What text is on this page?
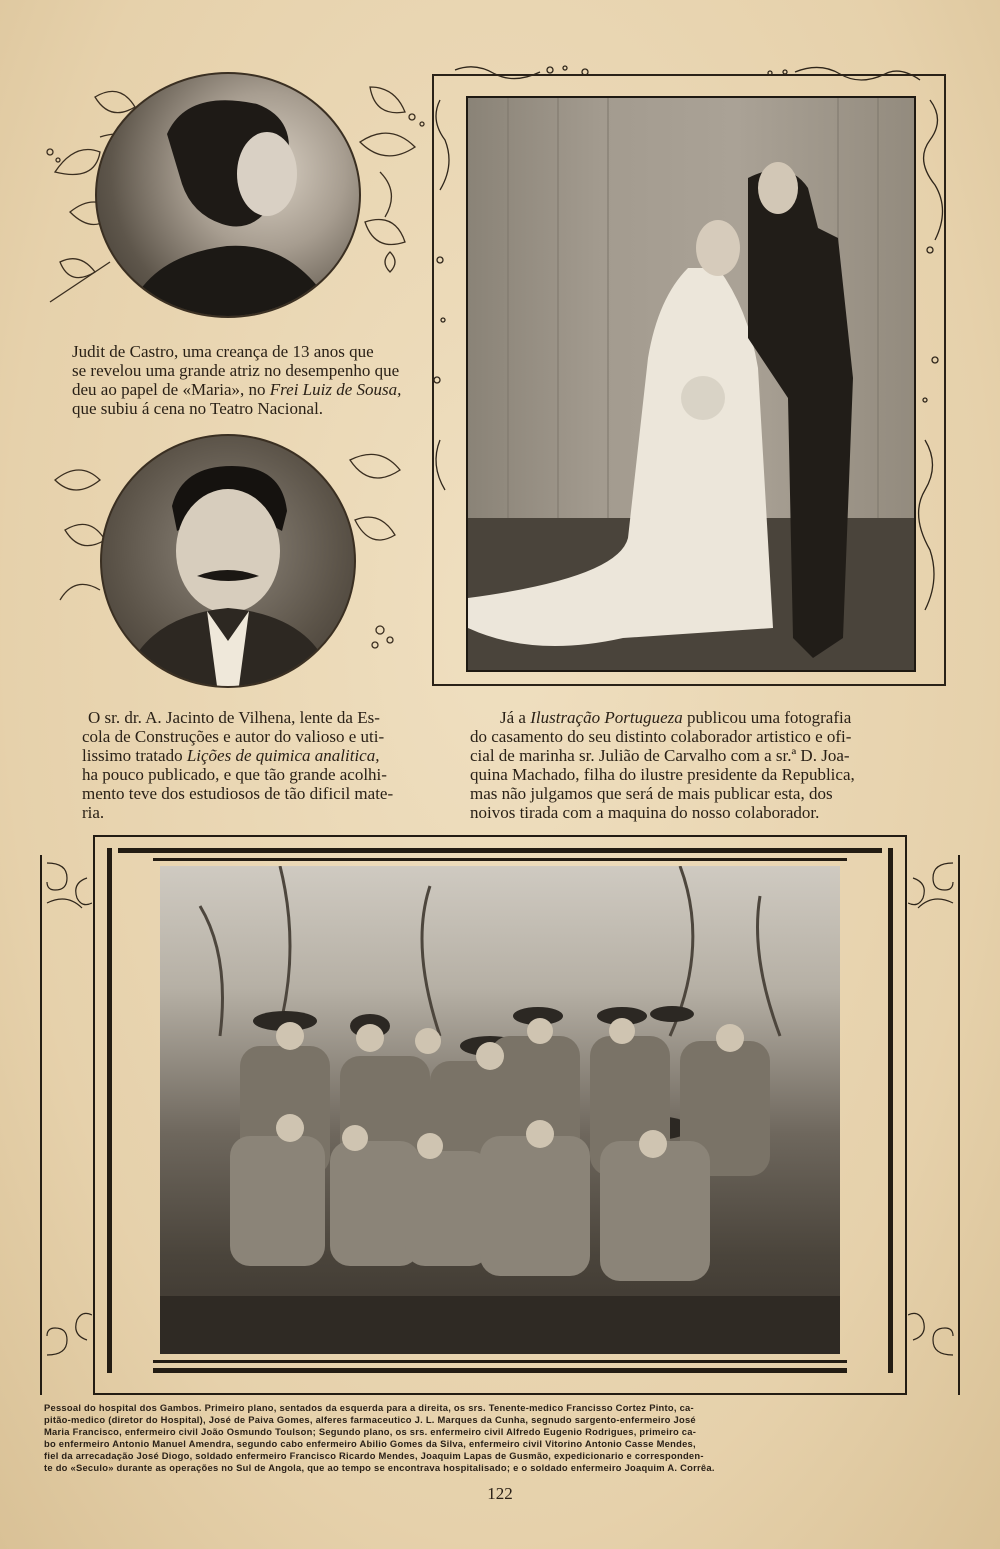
Judit de Castro, uma creança de 13 anos que
se revelou uma grande atriz no desempenho que
deu ao papel de «Maria», no Frei Luiz de Sousa,
que subiu á cena no Teatro Nacional.
O sr. dr. A. Jacinto de Vilhena, lente da Es-
cola de Construções e autor do valioso e uti-
lissimo tratado Lições de quimica analitica,
ha pouco publicado, e que tão grande acolhi-
mento teve dos estudiosos de tão dificil mate-
ria.
Já a Ilustração Portugueza publicou uma fotografia
do casamento do seu distinto colaborador artistico e ofi-
cial de marinha sr. Julião de Carvalho com a sr.ª D. Joa-
quina Machado, filha do ilustre presidente da Republica,
mas não julgamos que será de mais publicar esta, dos
noivos tirada com a maquina do nosso colaborador.
Pessoal do hospital dos Gambos. Primeiro plano, sentados da esquerda para a direita, os srs. Tenente-medico Francisso Cortez Pinto, ca-
pitão-medico (diretor do Hospital), José de Paiva Gomes, alferes farmaceutico J. L. Marques da Cunha, segnudo sargento-enfermeiro José
Maria Francisco, enfermeiro civil João Osmundo Toulson; Segundo plano, os srs. enfermeiro civil Alfredo Eugenio Rodrigues, primeiro ca-
bo enfermeiro Antonio Manuel Amendra, segundo cabo enfermeiro Abilio Gomes da Silva, enfermeiro civil Vitorino Antonio Casse Mendes,
fiel da arrecadação José Diogo, soldado enfermeiro Francisco Ricardo Mendes, Joaquim Lapas de Gusmão, expedicionario e corresponden-
te do «Seculo» durante as operações no Sul de Angola, que ao tempo se encontrava hospitalisado; e o soldado enfermeiro Joaquim A. Corrêa.
122
